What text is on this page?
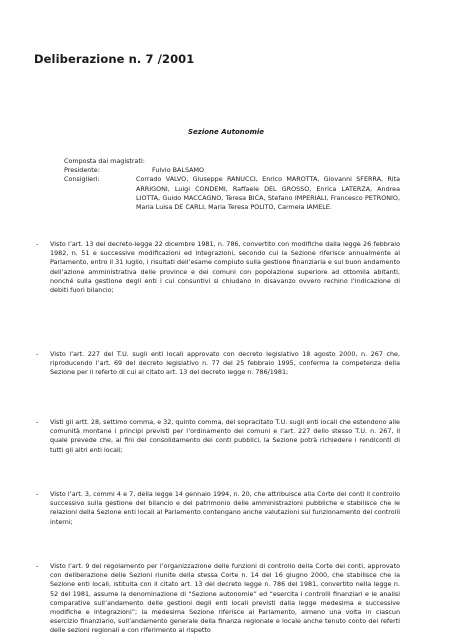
Deliberazione n. 7 /2001
Sezione Autonomie
Composta dai magistrati:
Presidente:	Fulvio BALSAMO
Consiglieri:	Corrado VALVO, Giuseppe RANUCCI, Enrico MAROTTA, Giovanni SFERRA, Rita ARRIGONI, Luigi CONDEMI, Raffaele DEL GROSSO, Enrica LATERZA, Andrea LIOTTA, Guido MACCAGNO, Teresa BICA, Stefano IMPERIALI, Francesco PETRONIO, Maria Luisa DE CARLI, Maria Teresa POLITO, Carmela IAMELE.
-	Visto l’art. 13 del decreto-legge 22 dicembre 1981, n. 786, convertito con modifiche dalla legge 26 febbraio 1982, n. 51 e successive modificazioni ed integrazioni, secondo cui la Sezione riferisce annualmente al Parlamento, entro il 31 luglio, i risultati dell’esame compiuto sulla gestione finanziaria e sul buon andamento dell’azione amministrativa delle province e dei comuni con popolazione superiore ad ottomila abitanti, nonché sulla gestione degli enti i cui consuntivi si chiudano in disavanzo ovvero rechino l’indicazione di debiti fuori bilancio;
-	Visto l’art. 227 del T.U. sugli enti locali approvato con decreto legislativo 18 agosto 2000, n. 267 che, riproducendo l’art. 69 del decreto legislativo n. 77 del 25 febbraio 1995, conferma la competenza della Sezione per il referto di cui al citato art. 13 del decreto legge n. 786/1981;
-	Visti gli artt. 28, settimo comma, e 32, quinto comma, del sopracitato T.U. sugli enti locali che estendono alle comunità montane i principi previsti per l’ordinamento dei comuni e l’art. 227 dello stesso T.U. n. 267, il quale prevede che, ai fini del consolidamento dei conti pubblici, la Sezione potrà richiedere i rendiconti di tutti gli altri enti locali;
-	Visto l’art. 3, commi 4 e 7, della legge 14 gennaio 1994, n. 20, che attribuisce alla Corte dei conti il controllo successivo sulla gestione del bilancio e del patrimonio delle amministrazioni pubbliche e stabilisce che le relazioni della Sezione enti locali al Parlamento contengano anche valutazioni sul funzionamento dei controlli interni;
-	Visto l’art. 9 del regolamento per l’organizzazione delle funzioni di controllo della Corte dei conti, approvato con deliberazione delle Sezioni riunite della stessa Corte n. 14 del 16 giugno 2000, che stabilisce che la Sezione enti locali, istituita con il citato art. 13 del decreto legge n. 786 del 1981, convertito nella legge n. 52 del 1981, assume la denominazione di “Sezione autonomie” ed “esercita i controlli finanziari e le analisi comparative sull’andamento delle gestioni degli enti locali previsti dalla legge medesima e successive modifiche e integrazioni”; la medesima Sezione riferisce al Parlamento, almeno una volta in ciascun esercizio finanziario, sull’andamento generale della finanza regionale e locale anche tenuto conto dei referti delle sezioni regionali e con riferimento al rispetto
